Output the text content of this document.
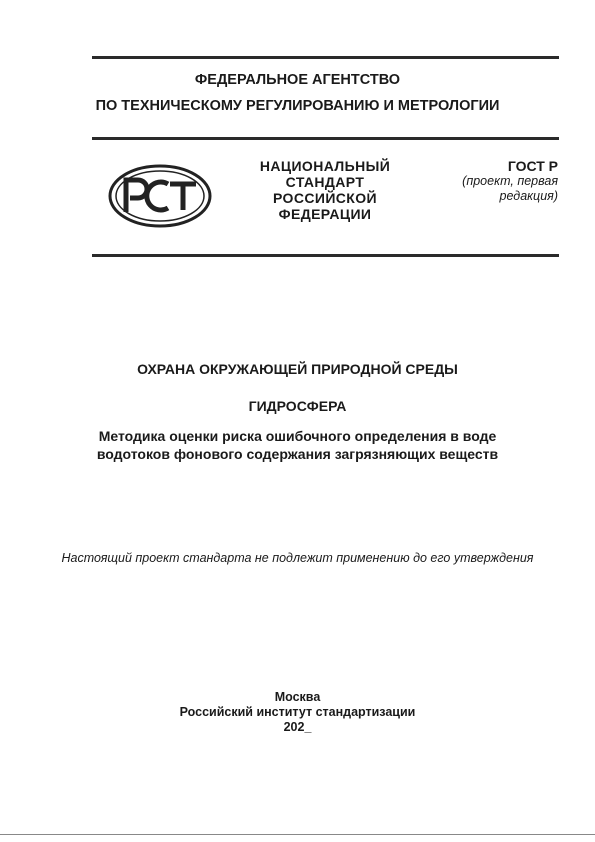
ФЕДЕРАЛЬНОЕ АГЕНТСТВО
ПО ТЕХНИЧЕСКОМУ РЕГУЛИРОВАНИЮ И МЕТРОЛОГИИ
НАЦИОНАЛЬНЫЙ
СТАНДАРТ
РОССИЙСКОЙ
ФЕДЕРАЦИИ
ГОСТ Р
(проект, первая
редакция)
ОХРАНА ОКРУЖАЮЩЕЙ ПРИРОДНОЙ СРЕДЫ
ГИДРОСФЕРА
Методика оценки риска ошибочного определения в воде
водотоков фонового содержания загрязняющих веществ
Настоящий проект стандарта не подлежит применению до его утверждения
Москва
Российский институт стандартизации
202_
